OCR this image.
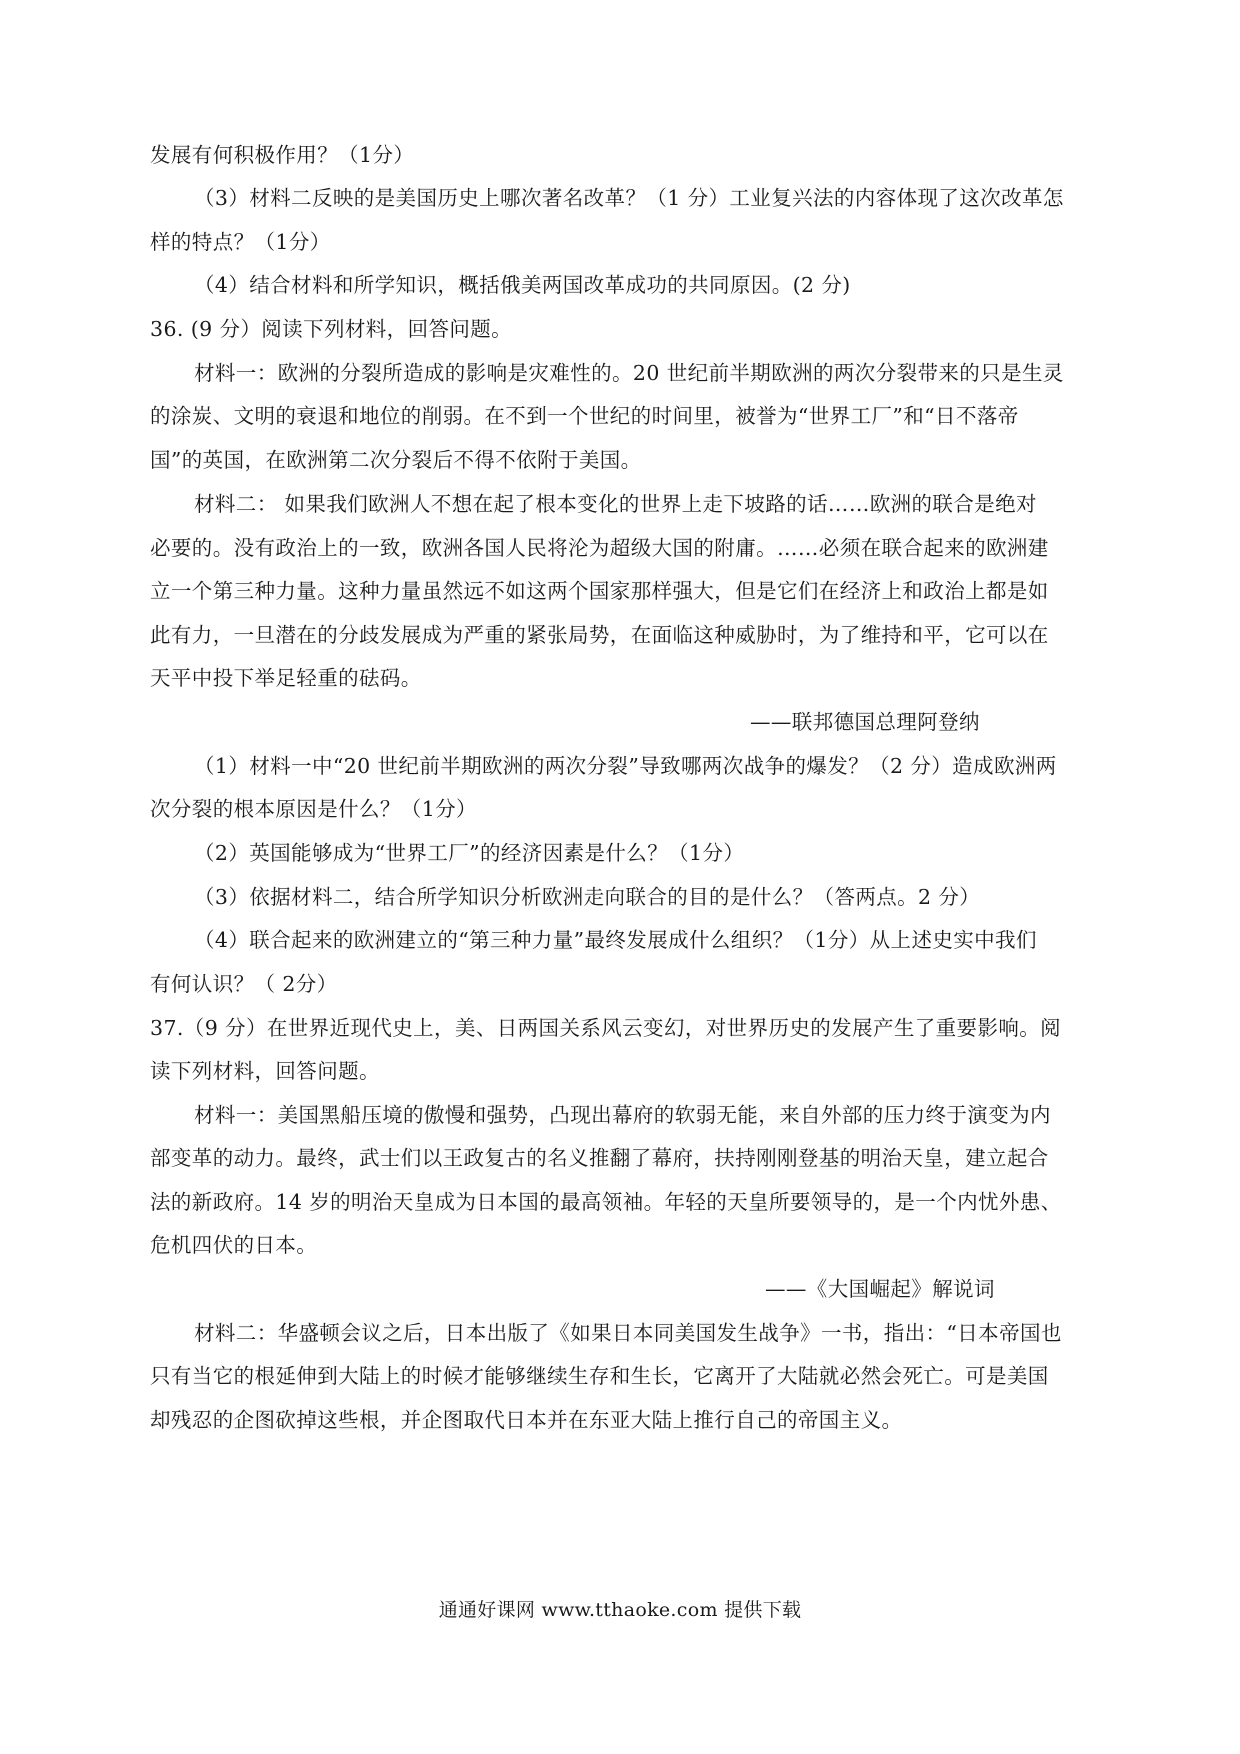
发展有何积极作用？（1分）
（3）材料二反映的是美国历史上哪次著名改革？（1 分）工业复兴法的内容体现了这次改革怎
样的特点？（1分）
（4）结合材料和所学知识，概括俄美两国改革成功的共同原因。(2 分)
36. (9 分）阅读下列材料，回答问题。
材料一：欧洲的分裂所造成的影响是灾难性的。20 世纪前半期欧洲的两次分裂带来的只是生灵
的涂炭、文明的衰退和地位的削弱。在不到一个世纪的时间里，被誉为“世界工厂”和“日不落帝
国”的英国，在欧洲第二次分裂后不得不依附于美国。
材料二： 如果我们欧洲人不想在起了根本变化的世界上走下坡路的话……欧洲的联合是绝对
必要的。没有政治上的一致，欧洲各国人民将沦为超级大国的附庸。……必须在联合起来的欧洲建
立一个第三种力量。这种力量虽然远不如这两个国家那样强大，但是它们在经济上和政治上都是如
此有力，一旦潜在的分歧发展成为严重的紧张局势，在面临这种威胁时，为了维持和平，它可以在
天平中投下举足轻重的砝码。
——联邦德国总理阿登纳
（1）材料一中“20 世纪前半期欧洲的两次分裂”导致哪两次战争的爆发？（2 分）造成欧洲两
次分裂的根本原因是什么？（1分）
（2）英国能够成为“世界工厂”的经济因素是什么？（1分）
（3）依据材料二，结合所学知识分析欧洲走向联合的目的是什么？（答两点。2 分）
（4）联合起来的欧洲建立的“第三种力量”最终发展成什么组织？（1分）从上述史实中我们
有何认识？（ 2分）
37.（9 分）在世界近现代史上，美、日两国关系风云变幻，对世界历史的发展产生了重要影响。阅
读下列材料，回答问题。
材料一：美国黑船压境的傲慢和强势，凸现出幕府的软弱无能，来自外部的压力终于演变为内
部变革的动力。最终，武士们以王政复古的名义推翻了幕府，扶持刚刚登基的明治天皇，建立起合
法的新政府。14 岁的明治天皇成为日本国的最高领袖。年轻的天皇所要领导的，是一个内忧外患、
危机四伏的日本。
——《大国崛起》解说词
材料二：华盛顿会议之后，日本出版了《如果日本同美国发生战争》一书，指出：“日本帝国也
只有当它的根延伸到大陆上的时候才能够继续生存和生长，它离开了大陆就必然会死亡。可是美国
却残忍的企图砍掉这些根，并企图取代日本并在东亚大陆上推行自己的帝国主义。
通通好课网 www.tthaoke.com 提供下载
